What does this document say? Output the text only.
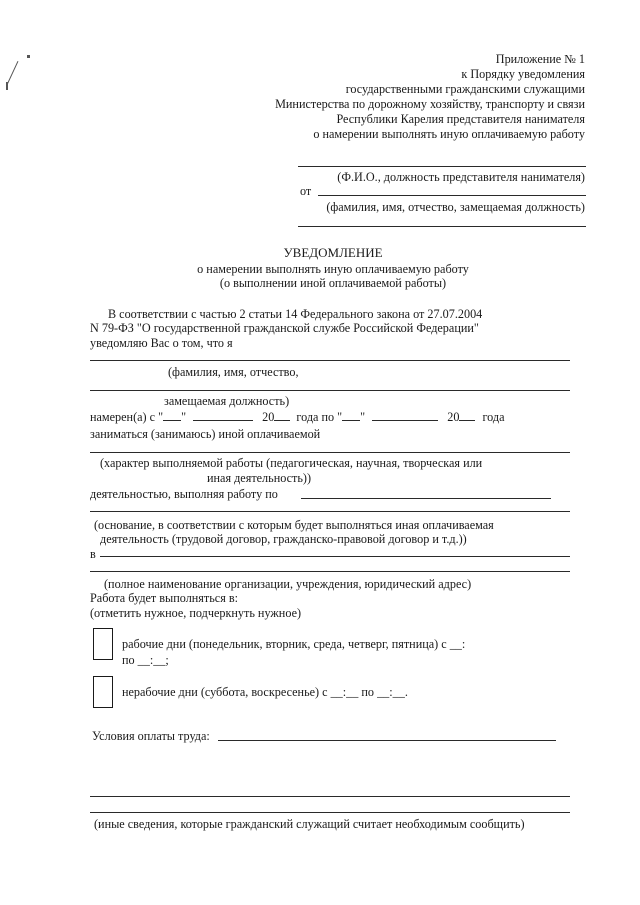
Приложение № 1
к Порядку уведомления
государственными гражданскими служащими
Министерства по дорожному хозяйству, транспорту и связи
Республики Карелия представителя нанимателя
о намерении выполнять иную оплачиваемую работу
(Ф.И.О., должность представителя нанимателя)
от
(фамилия, имя, отчество, замещаемая должность)
УВЕДОМЛЕНИЕ
о намерении выполнять иную оплачиваемую работу
(о выполнении иной оплачиваемой работы)
В соответствии с частью 2 статьи 14 Федерального закона от 27.07.2004
N 79-ФЗ "О государственной гражданской службе Российской Федерации"
уведомляю Вас о том, что я
(фамилия, имя, отчество,
замещаемая должность)
намерен(а) с " "	20 года по " "	20 года
заниматься (занимаюсь) иной оплачиваемой
(характер выполняемой работы (педагогическая, научная, творческая или
иная деятельность))
деятельностью, выполняя работу по
(основание, в соответствии с которым будет выполняться иная оплачиваемая
деятельность (трудовой договор, гражданско-правовой договор и т.д.))
в
(полное наименование организации, учреждения, юридический адрес)
Работа будет выполняться в:
(отметить нужное, подчеркнуть нужное)
рабочие дни (понедельник, вторник, среда, четверг, пятница) с __:
по __:__;
нерабочие дни (суббота, воскресенье) с __:__ по __:__.
Условия оплаты труда:
(иные сведения, которые гражданский служащий считает необходимым сообщить)
